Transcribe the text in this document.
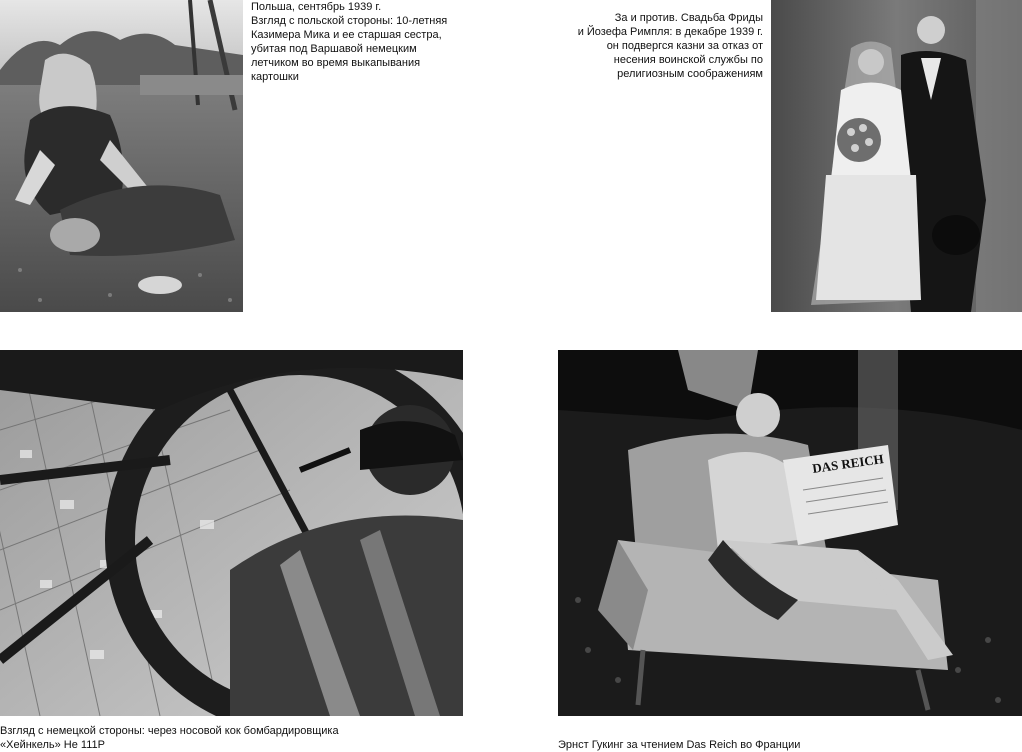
Польша, сентябрь 1939 г.

Взгляд с польской стороны: 10-летняя

Казимера Мика и ее старшая сестра,

убитая под Варшавой немецким

летчиком во время выкапывания

картошки

За и против. Свадьба Фриды

и Йозефа Римпля: в декабре 1939 г.

он подвергся казни за отказ от

несения воинской службы по

религиозным соображениям

DAS REICH

Взгляд с немецкой стороны: через носовой кок бомбардировщика

«Хейнкель» He 111P	Эрнст Гукинг за чтением Das Reich во Франции
